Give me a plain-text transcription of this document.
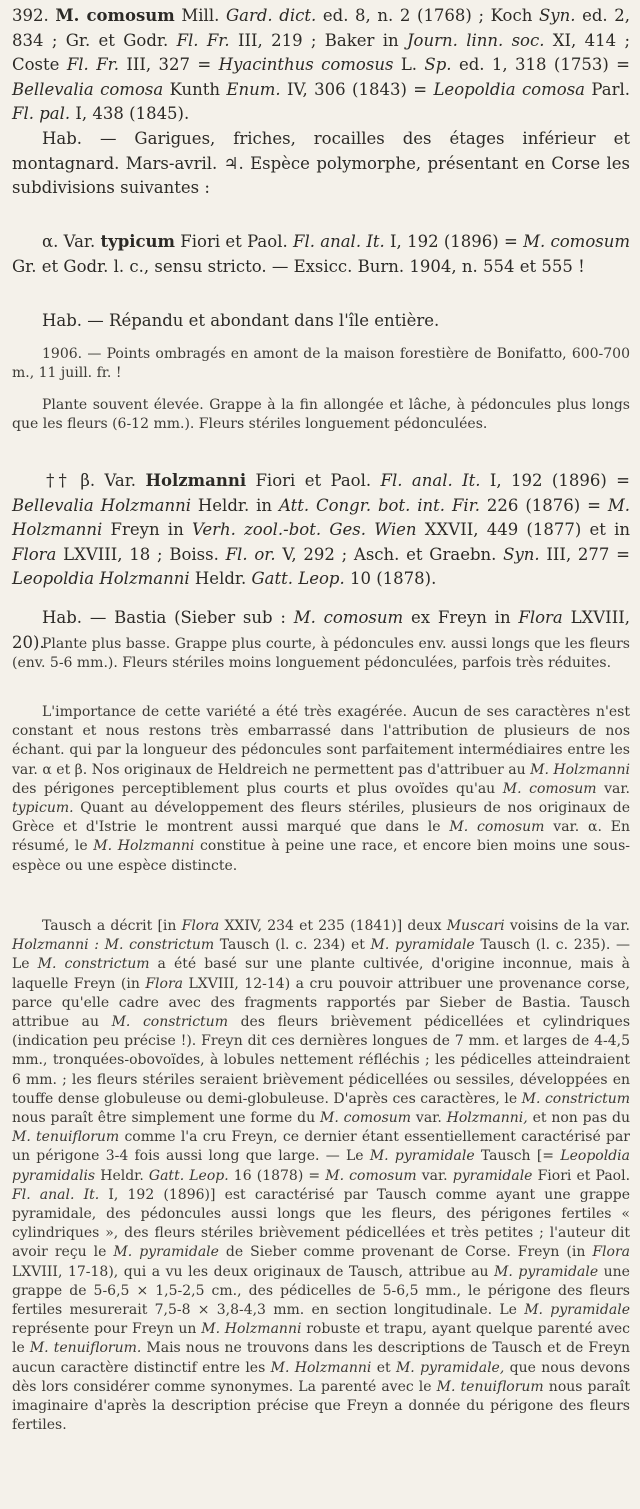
392. M. comosum Mill. Gard. dict. ed. 8, n. 2 (1768) ; Koch Syn. ed. 2, 834 ; Gr. et Godr. Fl. Fr. III, 219 ; Baker in Journ. linn. soc. XI, 414 ; Coste Fl. Fr. III, 327 = Hyacinthus comosus L. Sp. ed. 1, 318 (1753) = Bellevalia comosa Kunth Enum. IV, 306 (1843) = Leopoldia comosa Parl. Fl. pal. I, 438 (1845).

Hab. — Garigues, friches, rocailles des étages inférieur et montagnard. Mars-avril. ♃. Espèce polymorphe, présentant en Corse les subdivisions suivantes :

α. Var. typicum Fiori et Paol. Fl. anal. It. I, 192 (1896) = M. comosum Gr. et Godr. l. c., sensu stricto. — Exsicc. Burn. 1904, n. 554 et 555 !

Hab. — Répandu et abondant dans l'île entière.

1906. — Points ombragés en amont de la maison forestière de Bonifatto, 600-700 m., 11 juill. fr. !

Plante souvent élevée. Grappe à la fin allongée et lâche, à pédoncules plus longs que les fleurs (6-12 mm.). Fleurs stériles longuement pédonculées.

†† β. Var. Holzmanni Fiori et Paol. Fl. anal. It. I, 192 (1896) = Bellevalia Holzmanni Heldr. in Att. Congr. bot. int. Fir. 226 (1876) = M. Holzmanni Freyn in Verh. zool.-bot. Ges. Wien XXVII, 449 (1877) et in Flora LXVIII, 18 ; Boiss. Fl. or. V, 292 ; Asch. et Graebn. Syn. III, 277 = Leopoldia Holzmanni Heldr. Gatt. Leop. 10 (1878).

Hab. — Bastia (Sieber sub : M. comosum ex Freyn in Flora LXVIII, 20).

Plante plus basse. Grappe plus courte, à pédoncules env. aussi longs que les fleurs (env. 5-6 mm.). Fleurs stériles moins longuement pédonculées, parfois très réduites.

L'importance de cette variété a été très exagérée. Aucun de ses caractères n'est constant et nous restons très embarrassé dans l'attribution de plusieurs de nos échant. qui par la longueur des pédoncules sont parfaitement intermédiaires entre les var. α et β. Nos originaux de Heldreich ne permettent pas d'attribuer au M. Holzmanni des périgones perceptiblement plus courts et plus ovoïdes qu'au M. comosum var. typicum. Quant au développement des fleurs stériles, plusieurs de nos originaux de Grèce et d'Istrie le montrent aussi marqué que dans le M. comosum var. α. En résumé, le M. Holzmanni constitue à peine une race, et encore bien moins une sous-espèce ou une espèce distincte.

Tausch a décrit [in Flora XXIV, 234 et 235 (1841)] deux Muscari voisins de la var. Holzmanni : M. constrictum Tausch (l. c. 234) et M. pyramidale Tausch (l. c. 235). — Le M. constrictum a été basé sur une plante cultivée, d'origine inconnue, mais à laquelle Freyn (in Flora LXVIII, 12-14) a cru pouvoir attribuer une provenance corse, parce qu'elle cadre avec des fragments rapportés par Sieber de Bastia. Tausch attribue au M. constrictum des fleurs brièvement pédicellées et cylindriques (indication peu précise !). Freyn dit ces dernières longues de 7 mm. et larges de 4-4,5 mm., tronquées-obovoïdes, à lobules nettement réfléchis ; les pédicelles atteindraient 6 mm. ; les fleurs stériles seraient brièvement pédicellées ou sessiles, développées en touffe dense globuleuse ou demi-globuleuse. D'après ces caractères, le M. constrictum nous paraît être simplement une forme du M. comosum var. Holzmanni, et non pas du M. tenuiflorum comme l'a cru Freyn, ce dernier étant essentiellement caractérisé par un périgone 3-4 fois aussi long que large. — Le M. pyramidale Tausch [= Leopoldia pyramidalis Heldr. Gatt. Leop. 16 (1878) = M. comosum var. pyramidale Fiori et Paol. Fl. anal. It. I, 192 (1896)] est caractérisé par Tausch comme ayant une grappe pyramidale, des pédoncules aussi longs que les fleurs, des périgones fertiles « cylindriques », des fleurs stériles brièvement pédicellées et très petites ; l'auteur dit avoir reçu le M. pyramidale de Sieber comme provenant de Corse. Freyn (in Flora LXVIII, 17-18), qui a vu les deux originaux de Tausch, attribue au M. pyramidale une grappe de 5-6,5 × 1,5-2,5 cm., des pédicelles de 5-6,5 mm., le périgone des fleurs fertiles mesurerait 7,5-8 × 3,8-4,3 mm. en section longitudinale. Le M. pyramidale représente pour Freyn un M. Holzmanni robuste et trapu, ayant quelque parenté avec le M. tenuiflorum. Mais nous ne trouvons dans les descriptions de Tausch et de Freyn aucun caractère distinctif entre les M. Holzmanni et M. pyramidale, que nous devons dès lors considérer comme synonymes. La parenté avec le M. tenuiflorum nous paraît imaginaire d'après la description précise que Freyn a donnée du périgone des fleurs fertiles.
